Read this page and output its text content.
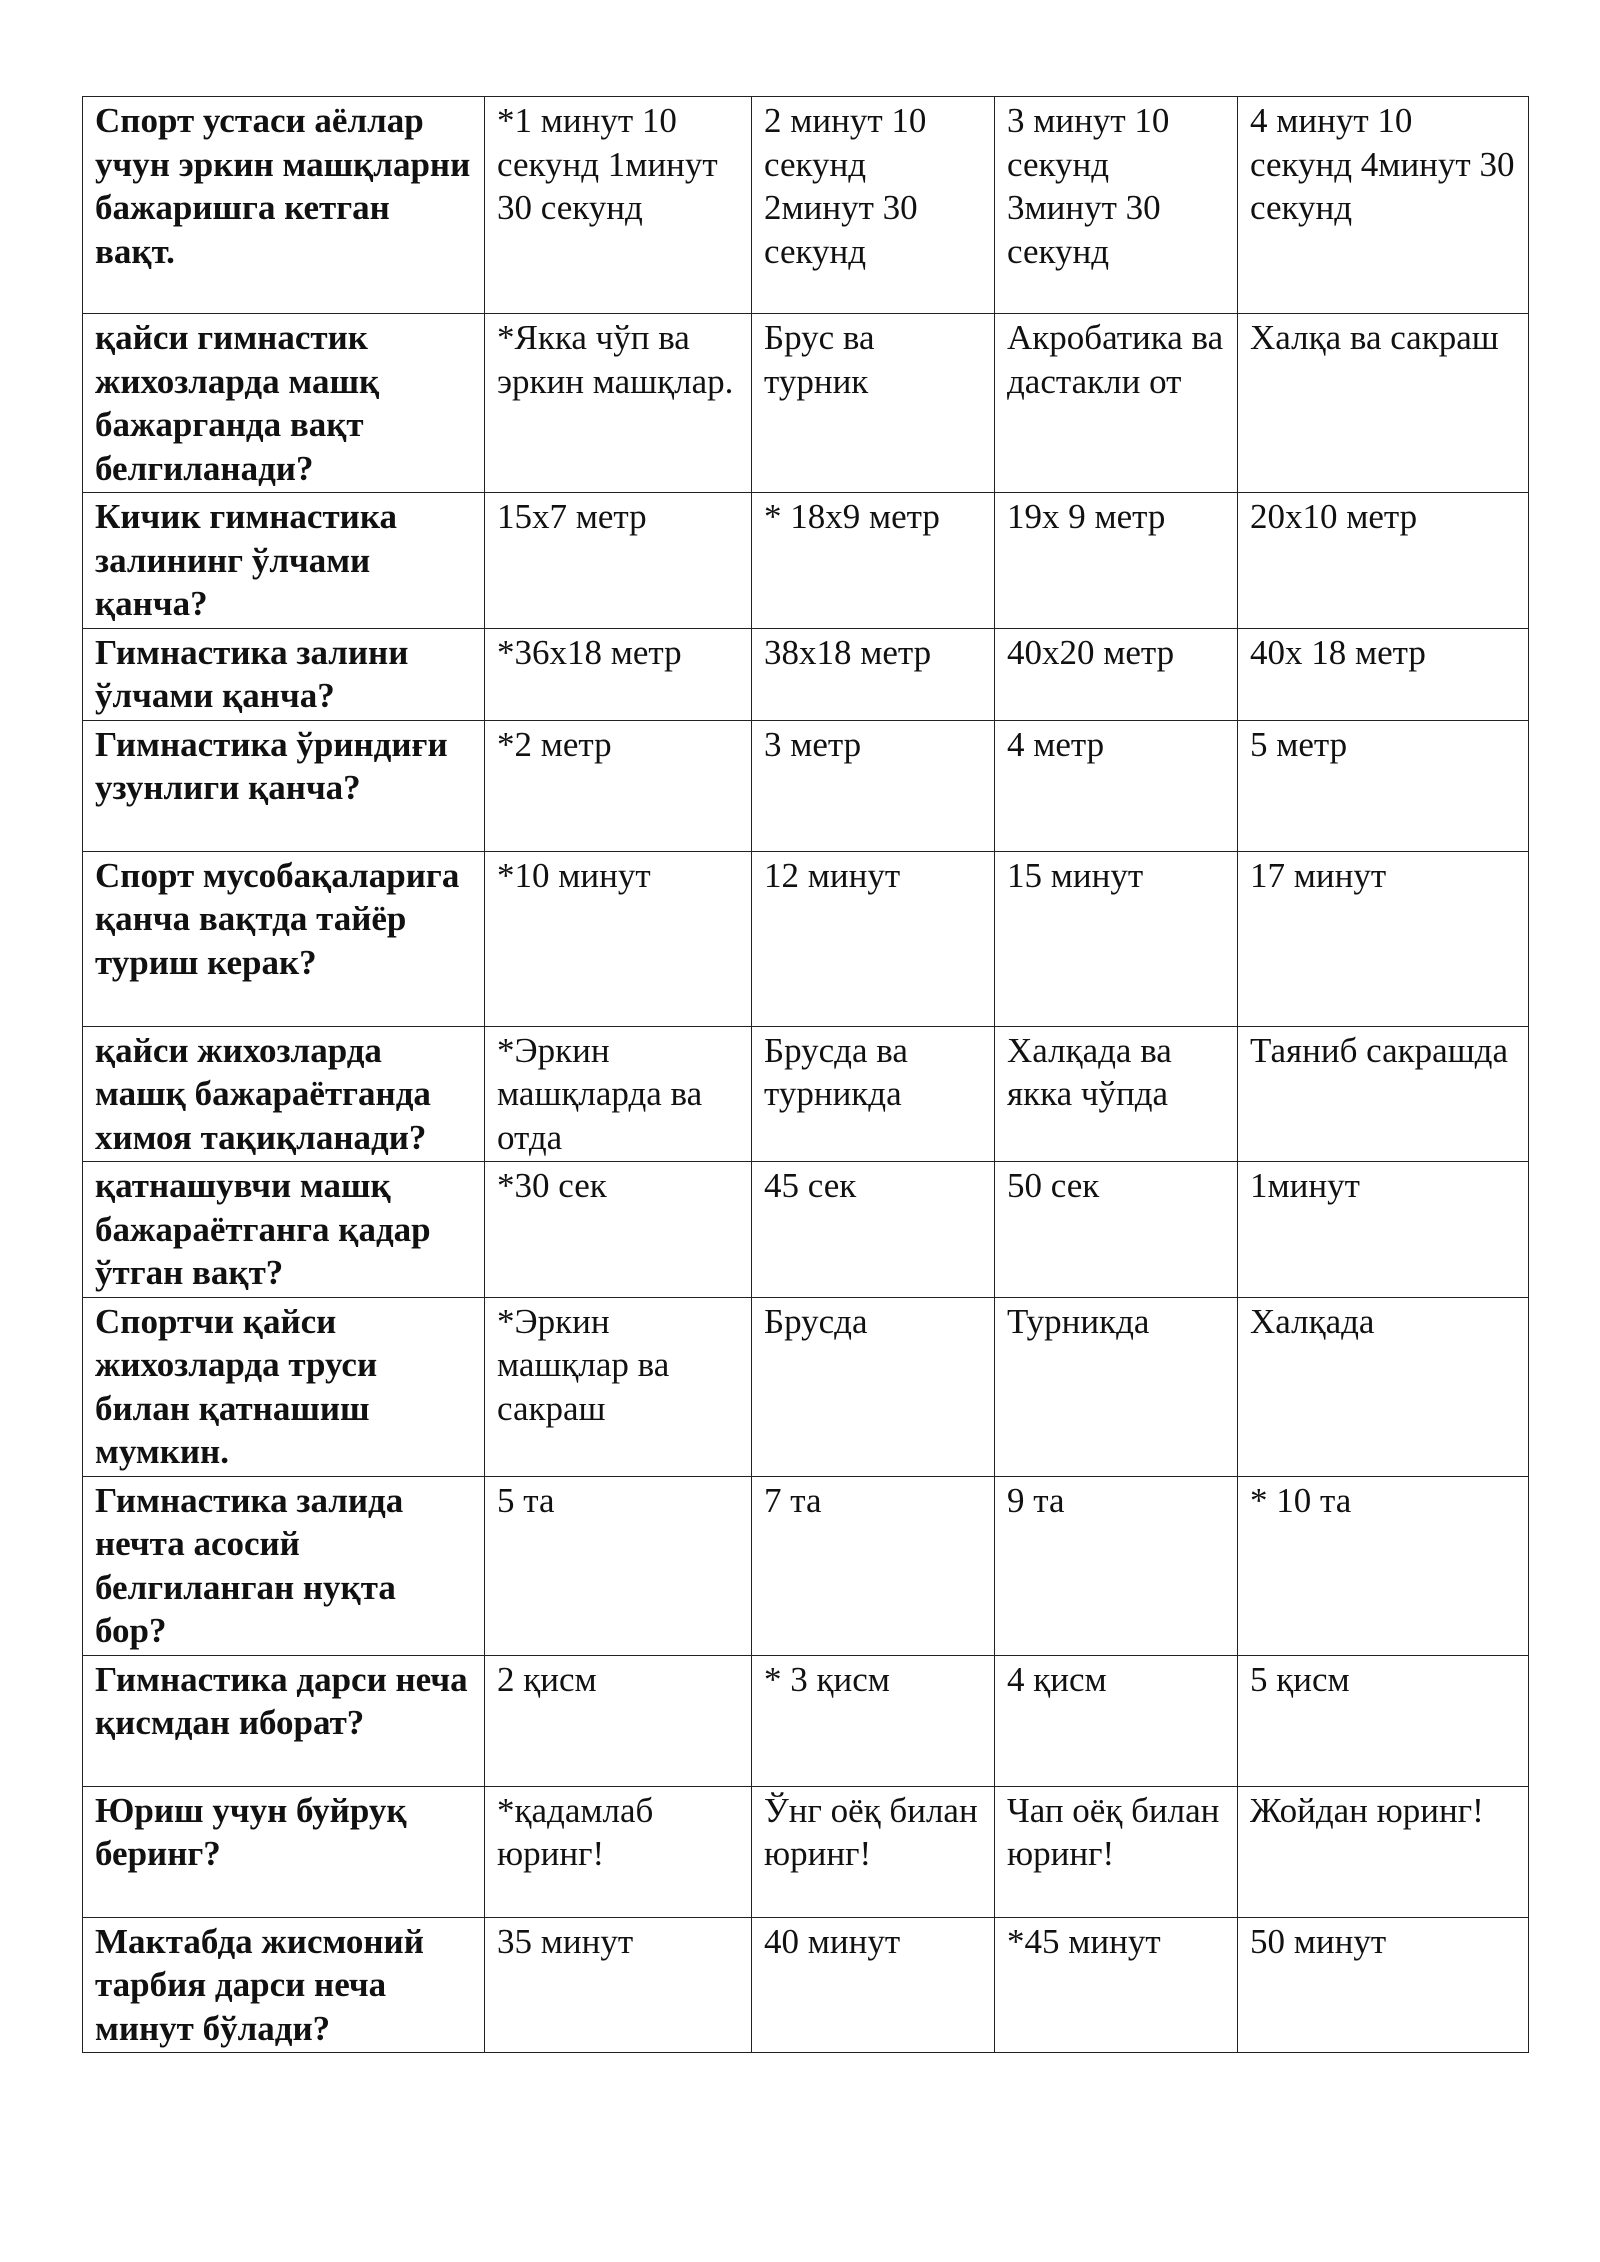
Спорт устаси аёллар учун эркин машқларни бажаришга кетган вақт.	*1 минут 10 секунд 1минут 30 секунд	2 минут 10 секунд 2минут 30 секунд	3 минут 10 секунд 3минут 30 секунд	4 минут 10 секунд 4минут 30 секунд
қайси гимнастик жихозларда машқ бажарганда вақт белгиланади?	*Якка чўп ва эркин машқлар.	Брус ва турник	Акробатика ва дастакли от	Халқа ва сакраш
Кичик гимнастика залининг ўлчами қанча?	15х7 метр	* 18х9 метр	19х 9 метр	20х10 метр
Гимнастика залини ўлчами қанча?	*36х18 метр	38х18 метр	40х20 метр	40х 18 метр
Гимнастика ўриндиғи узунлиги қанча?	*2 метр	3 метр	4 метр	5 метр
Спорт мусобақаларига қанча вақтда тайёр туриш керак?	*10 минут	12 минут	15 минут	17 минут
қайси жихозларда машқ бажараётганда химоя тақиқланади?	*Эркин машқларда ва отда	Брусда ва турникда	Халқада ва якка чўпда	Таяниб сакрашда
қатнашувчи машқ бажараётганга қадар ўтган вақт?	*30 сек	45 сек	50 сек	1минут
Спортчи қайси жихозларда труси билан қатнашиш мумкин.	*Эркин машқлар ва сакраш	Брусда	Турникда	Халқада
Гимнастика залида нечта асосий белгиланган нуқта бор?	5 та	7 та	9 та	* 10 та
Гимнастика дарси неча қисмдан иборат?	2 қисм	* 3 қисм	4 қисм	5 қисм
Юриш учун буйруқ беринг?	*қадамлаб юринг!	Ўнг оёқ билан юринг!	Чап оёқ билан юринг!	Жойдан юринг!
Мактабда жисмоний тарбия дарси неча минут бўлади?	35 минут	40 минут	*45 минут	50 минут
